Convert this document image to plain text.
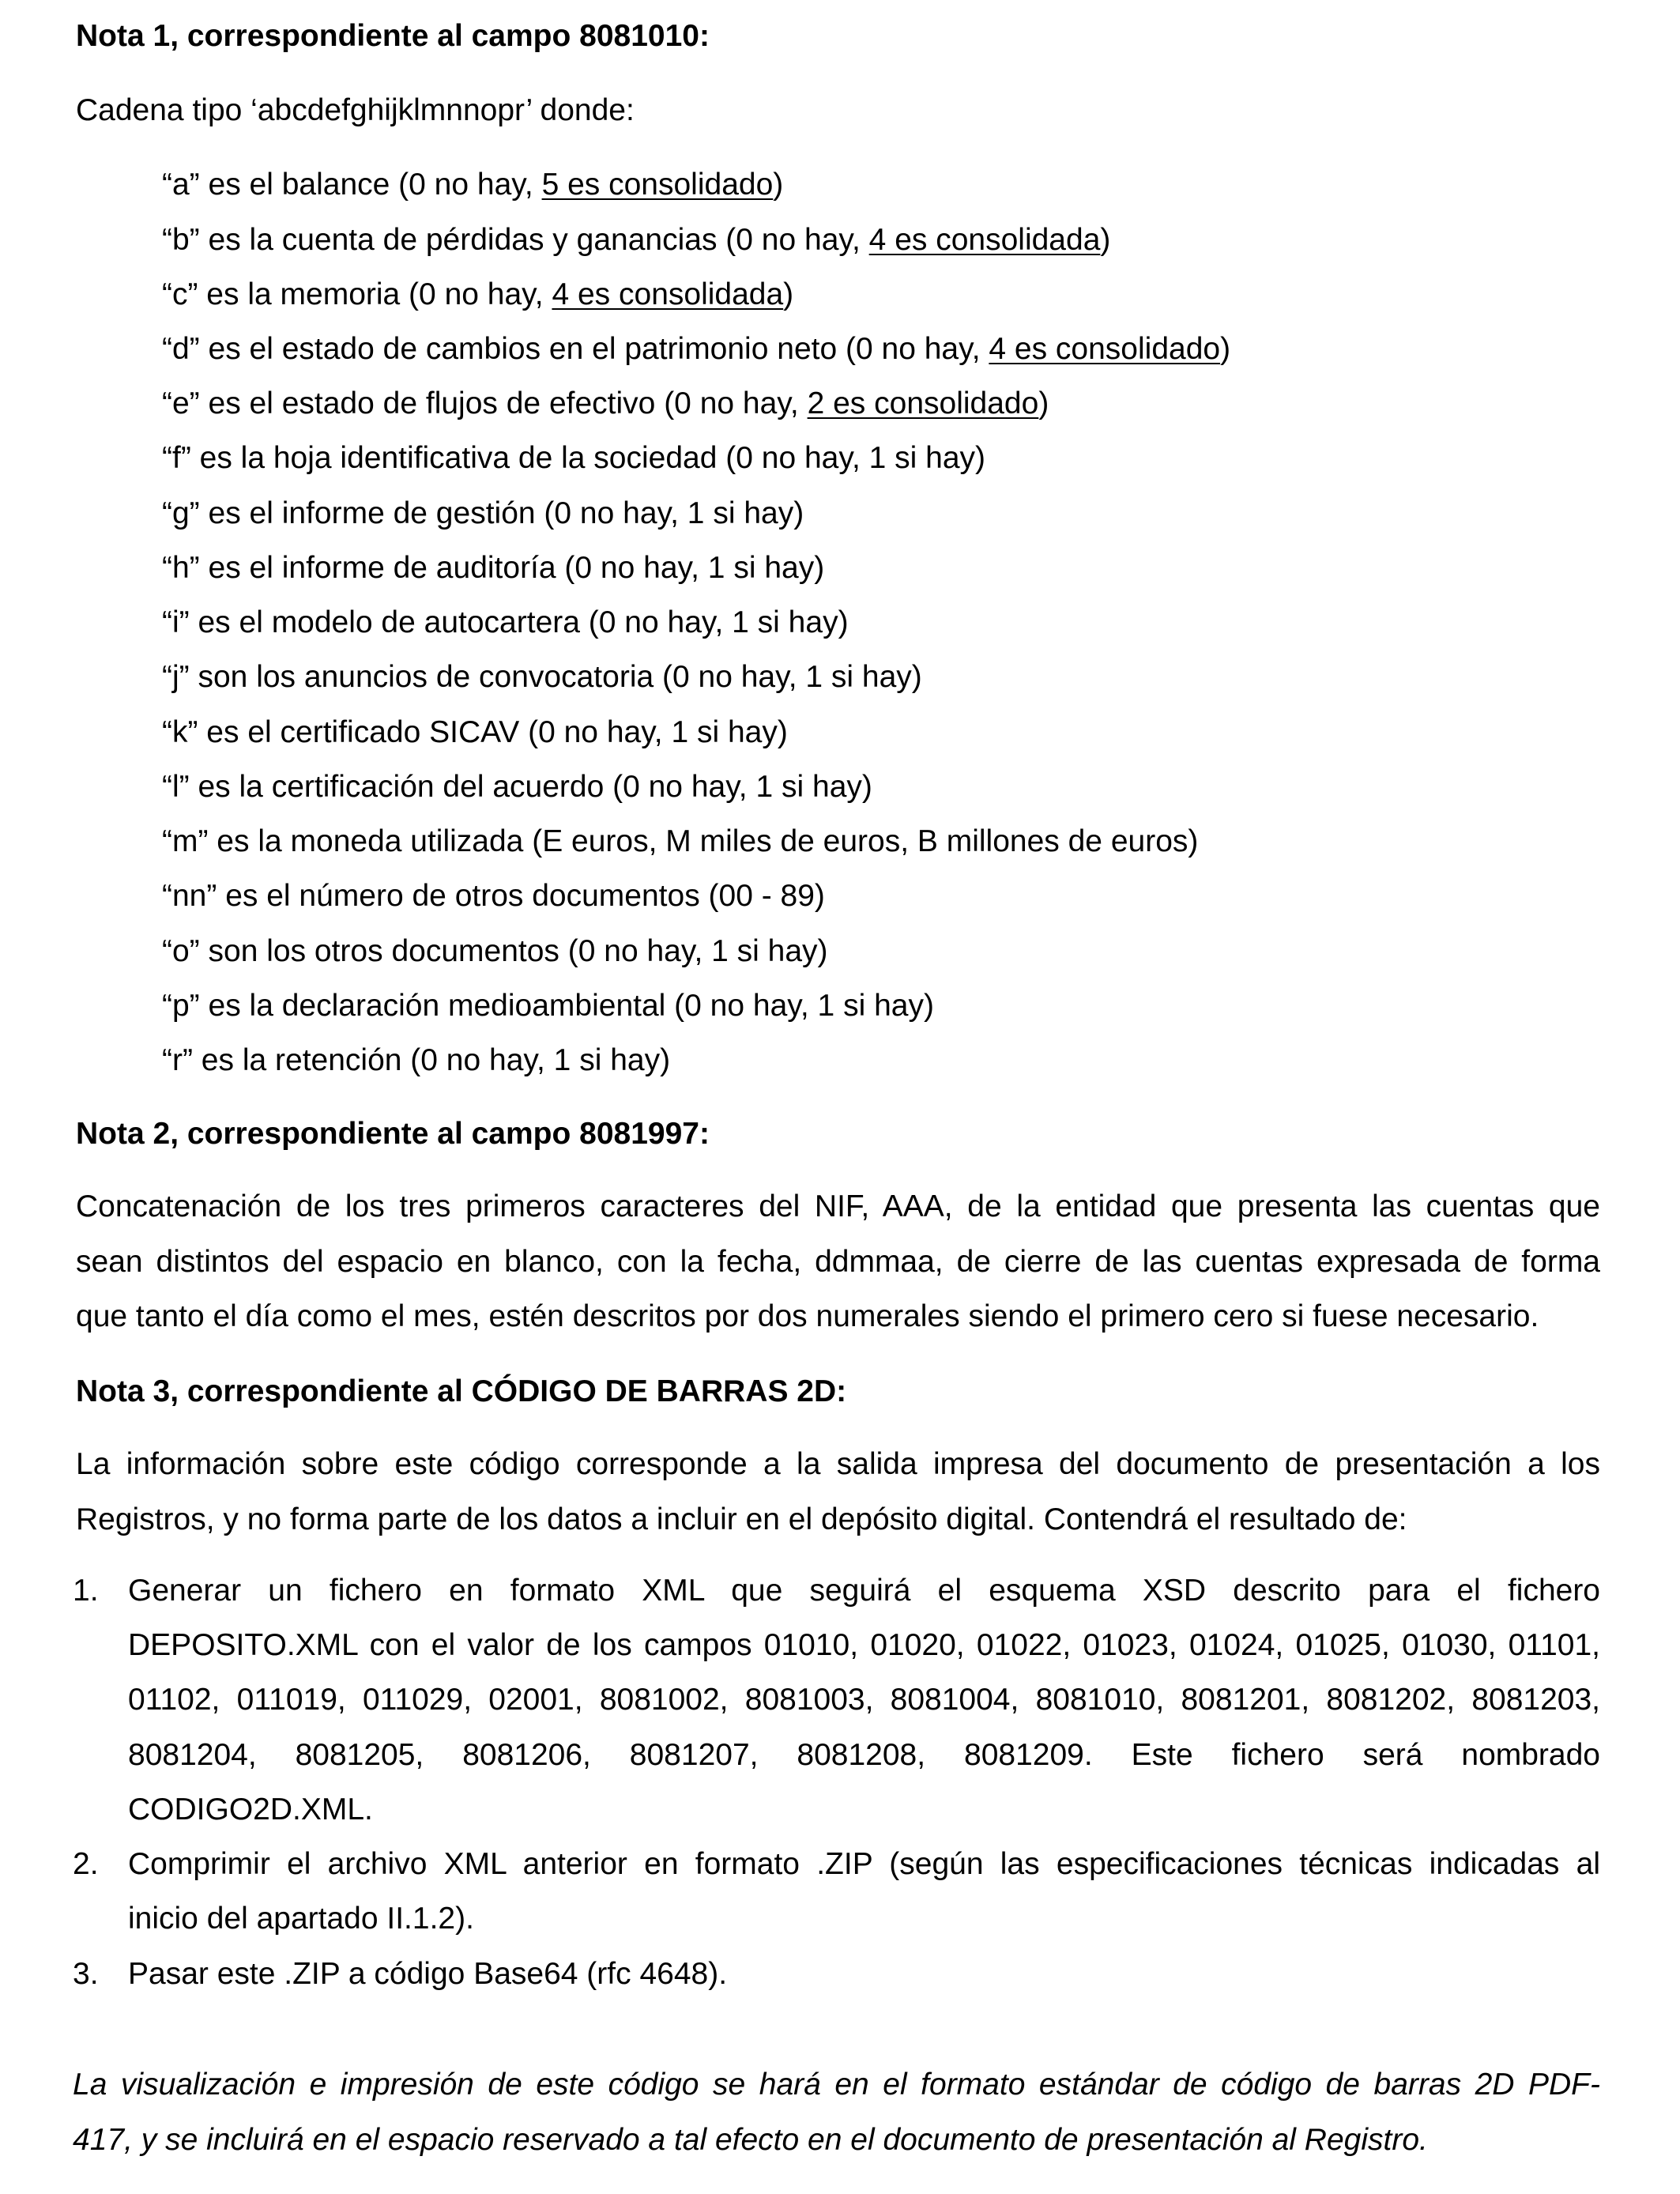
Nota 1, correspondiente al campo 8081010:
Cadena tipo ‘abcdefghijklmnnopr’ donde:
“a” es el balance (0 no hay, 5 es consolidado)
“b” es la cuenta de pérdidas y ganancias (0 no hay, 4 es consolidada)
“c” es la memoria (0 no hay, 4 es consolidada)
“d” es el estado de cambios en el patrimonio neto (0 no hay, 4 es consolidado)
“e” es el estado de flujos de efectivo (0 no hay, 2 es consolidado)
“f” es la hoja identificativa de la sociedad (0 no hay, 1 si hay)
“g” es el informe de gestión (0 no hay, 1 si hay)
“h” es el informe de auditoría (0 no hay, 1 si hay)
“i” es el modelo de autocartera (0 no hay, 1 si hay)
“j” son los anuncios de convocatoria (0 no hay, 1 si hay)
“k” es el certificado SICAV (0 no hay, 1 si hay)
“l” es la certificación del acuerdo (0 no hay, 1 si hay)
“m” es la moneda utilizada (E euros, M miles de euros, B millones de euros)
“nn” es el número de otros documentos (00 - 89)
“o” son los otros documentos (0 no hay, 1 si hay)
“p” es la declaración medioambiental (0 no hay, 1 si hay)
“r” es la retención (0 no hay, 1 si hay)
Nota 2, correspondiente al campo 8081997:
Concatenación de los tres primeros caracteres del NIF, AAA, de la entidad que presenta las cuentas que
sean distintos del espacio en blanco, con la fecha, ddmmaa, de cierre de las cuentas expresada de forma
que tanto el día como el mes, estén descritos por dos numerales siendo el primero cero si fuese necesario.
Nota 3, correspondiente al CÓDIGO DE BARRAS 2D:
La información sobre este código corresponde a la salida impresa del documento de presentación a los
Registros, y no forma parte de los datos a incluir en el depósito digital. Contendrá el resultado de:
1. Generar un fichero en formato XML que seguirá el esquema XSD descrito para el fichero
DEPOSITO.XML con el valor de los campos 01010, 01020, 01022, 01023, 01024, 01025, 01030, 01101,
01102, 011019, 011029, 02001, 8081002, 8081003, 8081004, 8081010, 8081201, 8081202, 8081203,
8081204, 8081205, 8081206, 8081207, 8081208, 8081209. Este fichero será nombrado
CODIGO2D.XML.
2. Comprimir el archivo XML anterior en formato .ZIP (según las especificaciones técnicas indicadas al
inicio del apartado II.1.2).
3. Pasar este .ZIP a código Base64 (rfc 4648).
La visualización e impresión de este código se hará en el formato estándar de código de barras 2D PDF-
417, y se incluirá en el espacio reservado a tal efecto en el documento de presentación al Registro.
